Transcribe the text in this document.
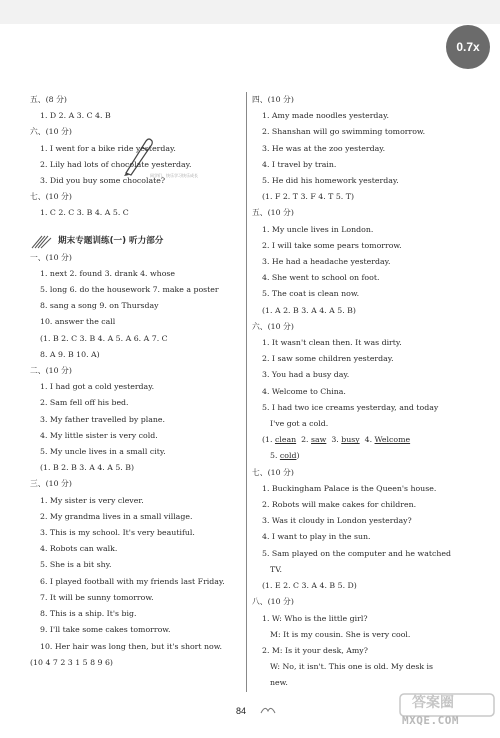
0.7x
同学们，快乐学习快乐成长
五、(8 分)
1. D 2. A 3. C 4. B
六、(10 分)
1. I went for a bike ride yesterday.
2. Lily had lots of chocolate yesterday.
3. Did you buy some chocolate?
七、(10 分)
1. C 2. C 3. B 4. A 5. C
期末专题训练(一) 听力部分
一、(10 分)
1. next 2. found 3. drank 4. whose
5. long 6. do the housework 7. make a poster
8. sang a song 9. on Thursday
10. answer the call
(1. B 2. C 3. B 4. A 5. A 6. A 7. C
8. A 9. B 10. A)
二、(10 分)
1. I had got a cold yesterday.
2. Sam fell off his bed.
3. My father travelled by plane.
4. My little sister is very cold.
5. My uncle lives in a small city.
(1. B 2. B 3. A 4. A 5. B)
三、(10 分)
1. My sister is very clever.
2. My grandma lives in a small village.
3. This is my school. It's very beautiful.
4. Robots can walk.
5. She is a bit shy.
6. I played football with my friends last Friday.
7. It will be sunny tomorrow.
8. This is a ship. It's big.
9. I'll take some cakes tomorrow.
10. Her hair was long then, but it's short now.
(10 4 7 2 3 1 5 8 9 6)
四、(10 分)
1. Amy made noodles yesterday.
2. Shanshan will go swimming tomorrow.
3. He was at the zoo yesterday.
4. I travel by train.
5. He did his homework yesterday.
(1. F 2. T 3. F 4. T 5. T)
五、(10 分)
1. My uncle lives in London.
2. I will take some pears tomorrow.
3. He had a headache yesterday.
4. She went to school on foot.
5. The coat is clean now.
(1. A 2. B 3. A 4. A 5. B)
六、(10 分)
1. It wasn't clean then. It was dirty.
2. I saw some children yesterday.
3. You had a busy day.
4. Welcome to China.
5. I had two ice creams yesterday, and today
I've got a cold.
(1. clean 2. saw 3. busy 4. Welcome
5. cold)
七、(10 分)
1. Buckingham Palace is the Queen's house.
2. Robots will make cakes for children.
3. Was it cloudy in London yesterday?
4. I want to play in the sun.
5. Sam played on the computer and he watched
TV.
(1. E 2. C 3. A 4. B 5. D)
八、(10 分)
1. W: Who is the little girl?
M: It is my cousin. She is very cool.
2. M: Is it your desk, Amy?
W: No, it isn't. This one is old. My desk is
new.
84	答案圈
MXQE.COM
